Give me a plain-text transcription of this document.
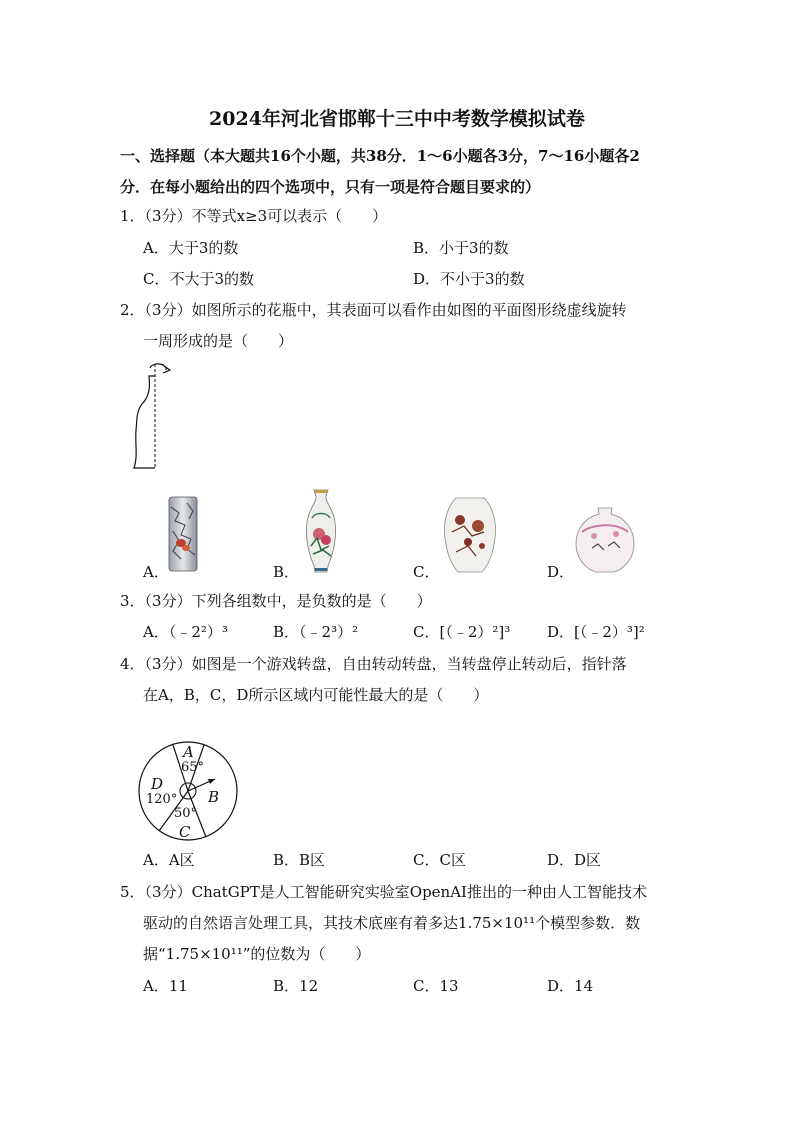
2024年河北省邯郸十三中中考数学模拟试卷
一、选择题（本大题共16个小题，共38分．1～6小题各3分，7～16小题各2
分．在每小题给出的四个选项中，只有一项是符合题目要求的）
1．（3分）不等式x≥3可以表示（　　）
A．大于3的数	B．小于3的数
C．不大于3的数	D．不小于3的数
2．（3分）如图所示的花瓶中，其表面可以看作由如图的平面图形绕虚线旋转
一周形成的是（　　）
A．	B．	C．	D．
3．（3分）下列各组数中，是负数的是（　　）
A．（﹣2²）³	B．（﹣2³）²	C．[（﹣2）²]³ D．[（﹣2）³]²
4．（3分）如图是一个游戏转盘，自由转动转盘，当转盘停止转动后，指针落
在A，B，C，D所示区域内可能性最大的是（　　）
A
65°
D
120° B
50°
C
A．A区	B．B区	C．C区	D．D区
5．（3分）ChatGPT是人工智能研究实验室OpenAI推出的一种由人工智能技术
驱动的自然语言处理工具，其技术底座有着多达1.75×10¹¹个模型参数．数
据“1.75×10¹¹”的位数为（　　）
A．11	B．12	C．13	D．14
